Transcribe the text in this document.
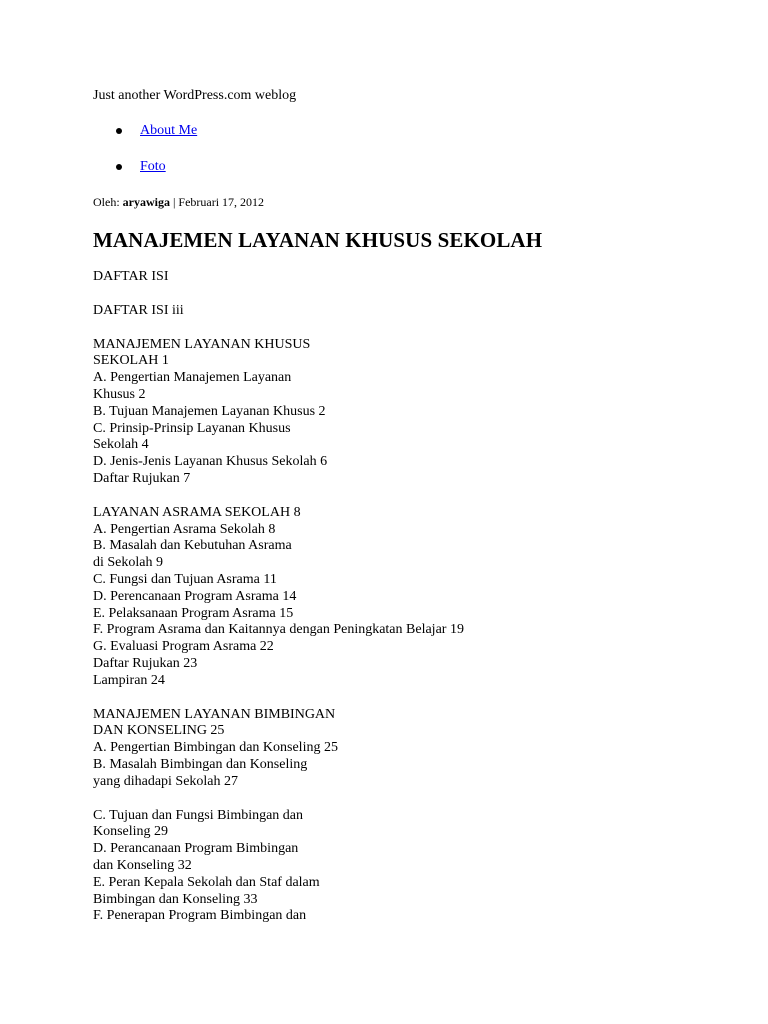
Just another WordPress.com weblog

About Me
Foto

Oleh: aryawiga | Februari 17, 2012

MANAJEMEN LAYANAN KHUSUS SEKOLAH

DAFTAR ISI

DAFTAR ISI iii

MANAJEMEN LAYANAN KHUSUS
SEKOLAH 1
A. Pengertian Manajemen Layanan
Khusus 2
B. Tujuan Manajemen Layanan Khusus 2
C. Prinsip-Prinsip Layanan Khusus
Sekolah 4
D. Jenis-Jenis Layanan Khusus Sekolah 6
Daftar Rujukan 7

LAYANAN ASRAMA SEKOLAH 8
A. Pengertian Asrama Sekolah 8
B. Masalah dan Kebutuhan Asrama
di Sekolah 9
C. Fungsi dan Tujuan Asrama 11
D. Perencanaan Program Asrama 14
E. Pelaksanaan Program Asrama 15
F. Program Asrama dan Kaitannya dengan Peningkatan Belajar 19
G. Evaluasi Program Asrama 22
Daftar Rujukan 23
Lampiran 24

MANAJEMEN LAYANAN BIMBINGAN
DAN KONSELING 25
A. Pengertian Bimbingan dan Konseling 25
B. Masalah Bimbingan dan Konseling
yang dihadapi Sekolah 27

C. Tujuan dan Fungsi Bimbingan dan
Konseling 29
D. Perancanaan Program Bimbingan
dan Konseling 32
E. Peran Kepala Sekolah dan Staf dalam
Bimbingan dan Konseling 33
F. Penerapan Program Bimbingan dan
